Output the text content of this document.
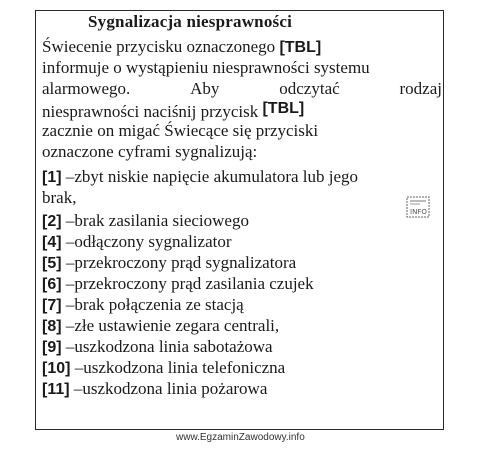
Sygnalizacja niesprawności
Świecenie przycisku oznaczonego [TBL]
informuje o wystąpieniu niesprawności systemu
alarmowego.	Aby	odczytać	rodzaj
niesprawności naciśnij przycisk [TBL]
zacznie on migać Świecące się przyciski
oznaczone cyframi sygnalizują:
[1] –zbyt niskie napięcie akumulatora lub jego
brak,
[2] –brak zasilania sieciowego
[4] –odłączony sygnalizator
[5] –przekroczony prąd sygnalizatora
[6] –przekroczony prąd zasilania czujek
[7] –brak połączenia ze stacją
[8] –złe ustawienie zegara centrali,
[9] –uszkodzona linia sabotażowa
[10] –uszkodzona linia telefoniczna
[11] –uszkodzona linia pożarowa
INFO
www.EgzaminZawodowy.info
